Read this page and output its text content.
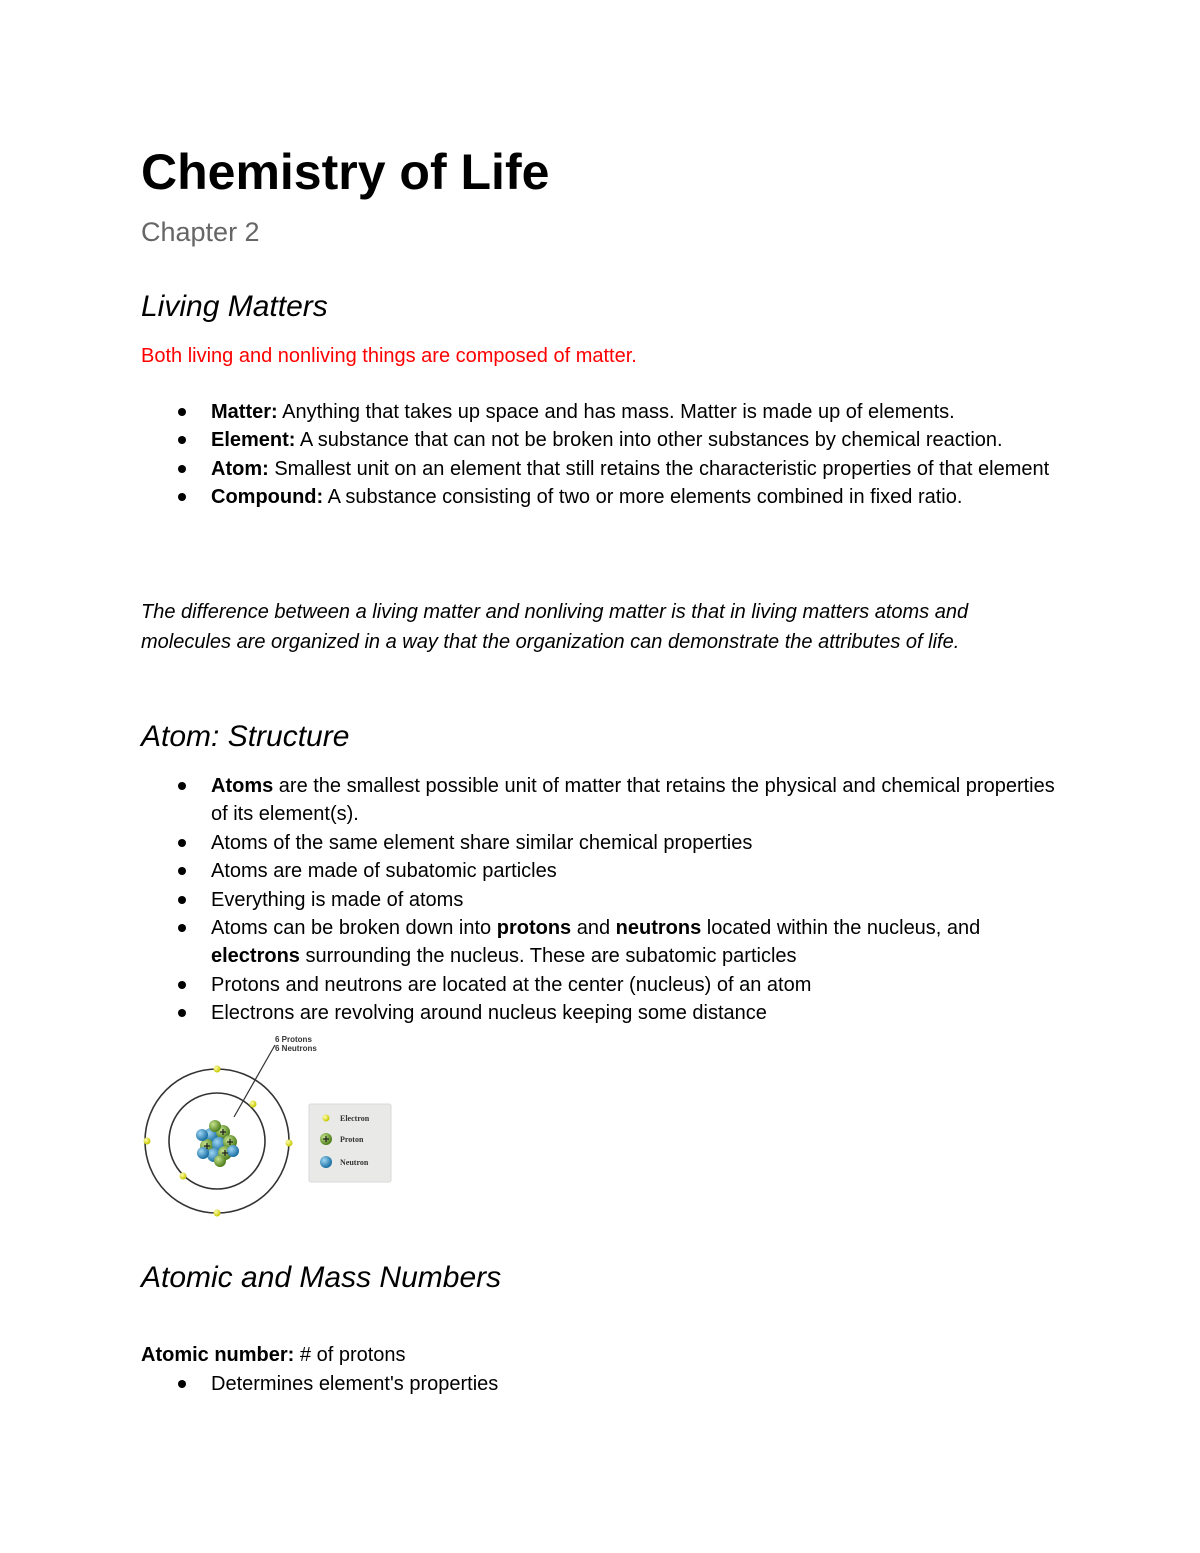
Chemistry of Life
Chapter 2
Living Matters
Both living and nonliving things are composed of matter.
Matter: Anything that takes up space and has mass. Matter is made up of elements.
Element: A substance that can not be broken into other substances by chemical reaction.
Atom: Smallest unit on an element that still retains the characteristic properties of that element
Compound: A substance consisting of two or more elements combined in fixed ratio.
The difference between a living matter and nonliving matter is that in living matters atoms and molecules are organized in a way that the organization can demonstrate the attributes of life.
Atom: Structure
Atoms are the smallest possible unit of matter that retains the physical and chemical properties of its element(s).
Atoms of the same element share similar chemical properties
Atoms are made of subatomic particles
Everything is made of atoms
Atoms can be broken down into protons and neutrons located within the nucleus, and electrons surrounding the nucleus. These are subatomic particles
Protons and neutrons are located at the center (nucleus) of an atom
Electrons are revolving around nucleus keeping some distance
6 Protons
6 Neutrons
Electron
Proton
Neutron
Atomic and Mass Numbers
Atomic number: # of protons
Determines element's properties
